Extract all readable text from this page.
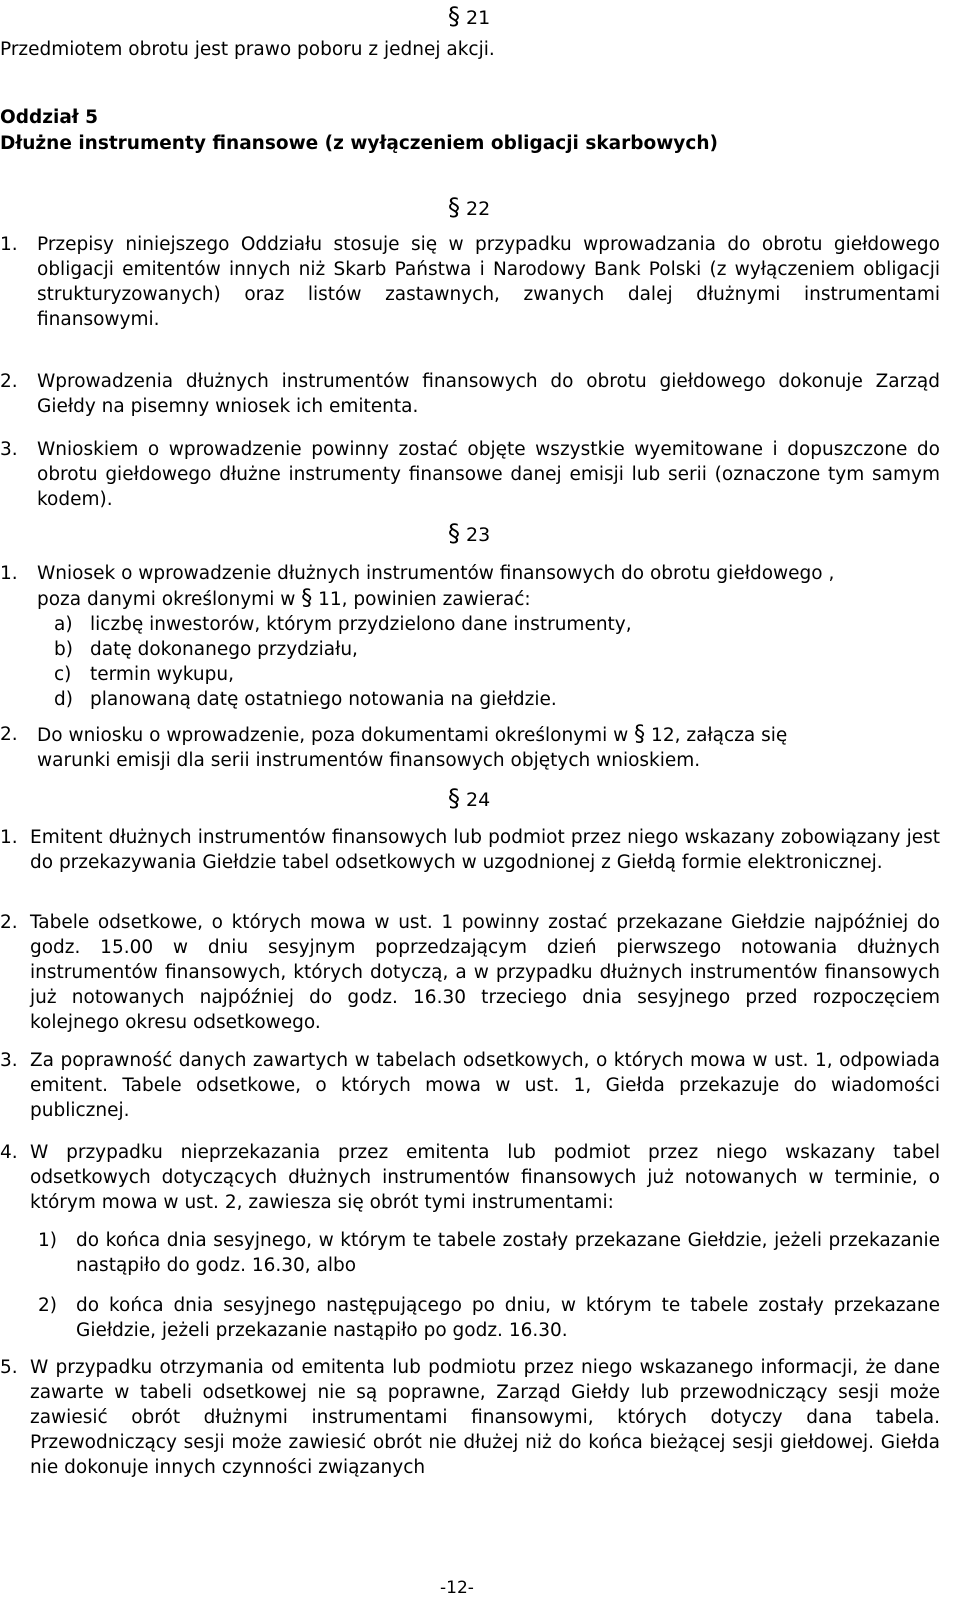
§ 21
Przedmiotem obrotu jest prawo poboru z jednej akcji.
Oddział 5
Dłużne instrumenty finansowe (z wyłączeniem obligacji skarbowych)
§ 22
1. Przepisy niniejszego Oddziału stosuje się w przypadku wprowadzania do obrotu giełdowego obligacji emitentów innych niż Skarb Państwa i Narodowy Bank Polski (z wyłączeniem obligacji strukturyzowanych) oraz listów zastawnych, zwanych dalej dłużnymi instrumentami finansowymi.
2. Wprowadzenia dłużnych instrumentów finansowych do obrotu giełdowego dokonuje Zarząd Giełdy na pisemny wniosek ich emitenta.
3. Wnioskiem o wprowadzenie powinny zostać objęte wszystkie wyemitowane i dopuszczone do obrotu giełdowego dłużne instrumenty finansowe danej emisji lub serii (oznaczone tym samym kodem).
§ 23
1. Wniosek o wprowadzenie dłużnych instrumentów finansowych do obrotu giełdowego ,
poza danymi określonymi w § 11, powinien zawierać:
a) liczbę inwestorów, którym przydzielono dane instrumenty,
b) datę dokonanego przydziału,
c)	termin wykupu,
d) planowaną datę ostatniego notowania na giełdzie.
2. Do wniosku o wprowadzenie, poza dokumentami określonymi w § 12, załącza się
warunki emisji dla serii instrumentów finansowych objętych wnioskiem.
§ 24
1. Emitent dłużnych instrumentów finansowych lub podmiot przez niego wskazany zobowiązany jest do przekazywania Giełdzie tabel odsetkowych w uzgodnionej z Giełdą formie elektronicznej.
2. Tabele odsetkowe, o których mowa w ust. 1 powinny zostać przekazane Giełdzie najpóźniej do godz. 15.00 w dniu sesyjnym poprzedzającym dzień pierwszego notowania dłużnych instrumentów finansowych, których dotyczą, a w przypadku dłużnych instrumentów finansowych już notowanych najpóźniej do godz. 16.30 trzeciego dnia sesyjnego przed rozpoczęciem kolejnego okresu odsetkowego.
3. Za poprawność danych zawartych w tabelach odsetkowych, o których mowa w ust. 1, odpowiada emitent. Tabele odsetkowe, o których mowa w ust. 1, Giełda przekazuje do wiadomości publicznej.
4. W przypadku nieprzekazania przez emitenta lub podmiot przez niego wskazany tabel odsetkowych dotyczących dłużnych instrumentów finansowych już notowanych w terminie, o którym mowa w ust. 2, zawiesza się obrót tymi instrumentami:
1) do końca dnia sesyjnego, w którym te tabele zostały przekazane Giełdzie, jeżeli przekazanie nastąpiło do godz. 16.30, albo
2) do końca dnia sesyjnego następującego po dniu, w którym te tabele zostały przekazane Giełdzie, jeżeli przekazanie nastąpiło po godz. 16.30.
5. W przypadku otrzymania od emitenta lub podmiotu przez niego wskazanego informacji, że dane zawarte w tabeli odsetkowej nie są poprawne, Zarząd Giełdy lub przewodniczący sesji może zawiesić obrót dłużnymi instrumentami finansowymi, których dotyczy dana tabela. Przewodniczący sesji może zawiesić obrót nie dłużej niż do końca bieżącej sesji giełdowej. Giełda nie dokonuje innych czynności związanych
-12-
